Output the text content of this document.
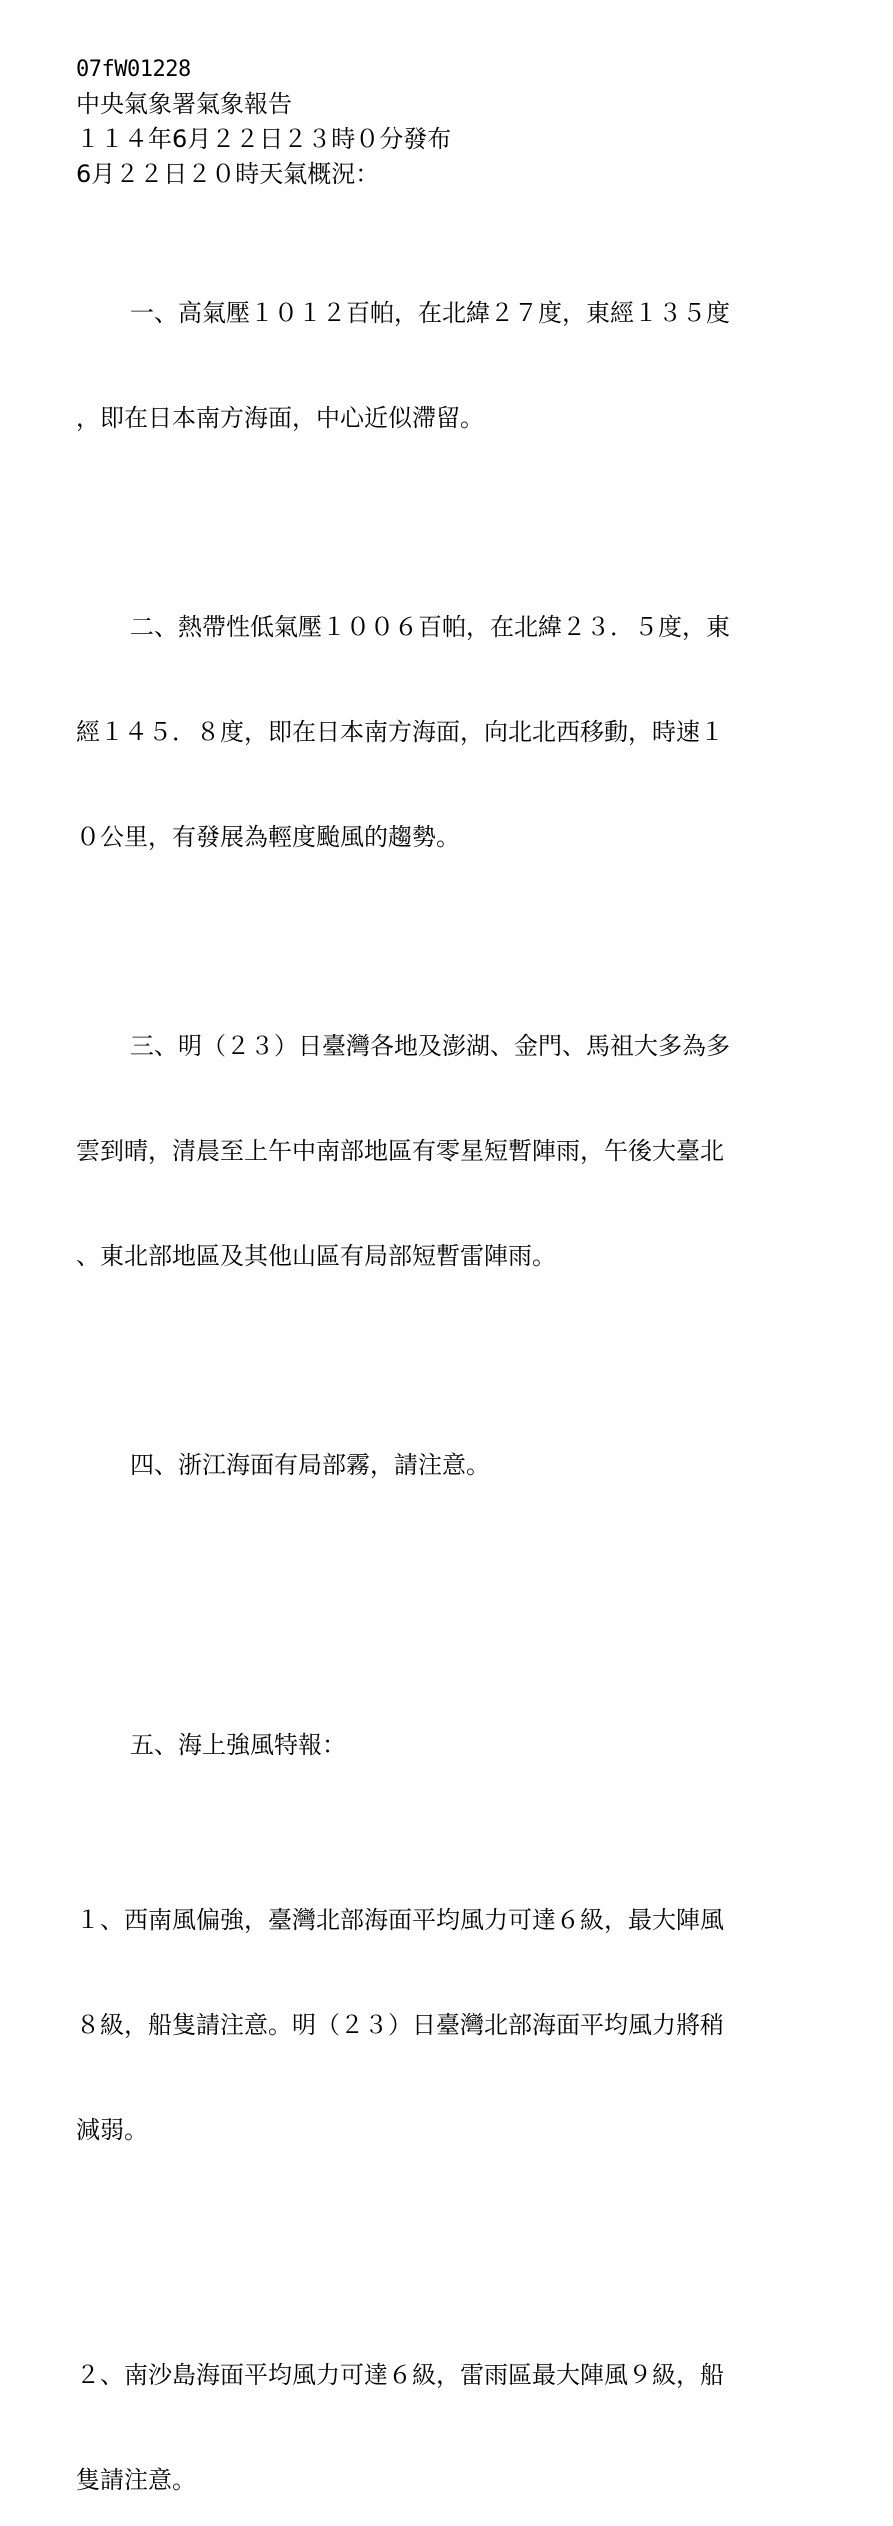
07fW01228
中央氣象署氣象報告
１１４年6月２２日２３時０分發布
6月２２日２０時天氣概況：

一、高氣壓１０１２百帕，在北緯２７度，東經１３５度

，即在日本南方海面，中心近似滯留。

二、熱帶性低氣壓１００６百帕，在北緯２３．５度，東

經１４５．８度，即在日本南方海面，向北北西移動，時速１

０公里，有發展為輕度颱風的趨勢。

三、明（２３）日臺灣各地及澎湖、金門、馬祖大多為多

雲到晴，清晨至上午中南部地區有零星短暫陣雨，午後大臺北

、東北部地區及其他山區有局部短暫雷陣雨。

四、浙江海面有局部霧，請注意。

五、海上強風特報：

１、西南風偏強，臺灣北部海面平均風力可達６級，最大陣風

８級，船隻請注意。明（２３）日臺灣北部海面平均風力將稍

減弱。

２、南沙島海面平均風力可達６級，雷雨區最大陣風９級，船

隻請注意。
